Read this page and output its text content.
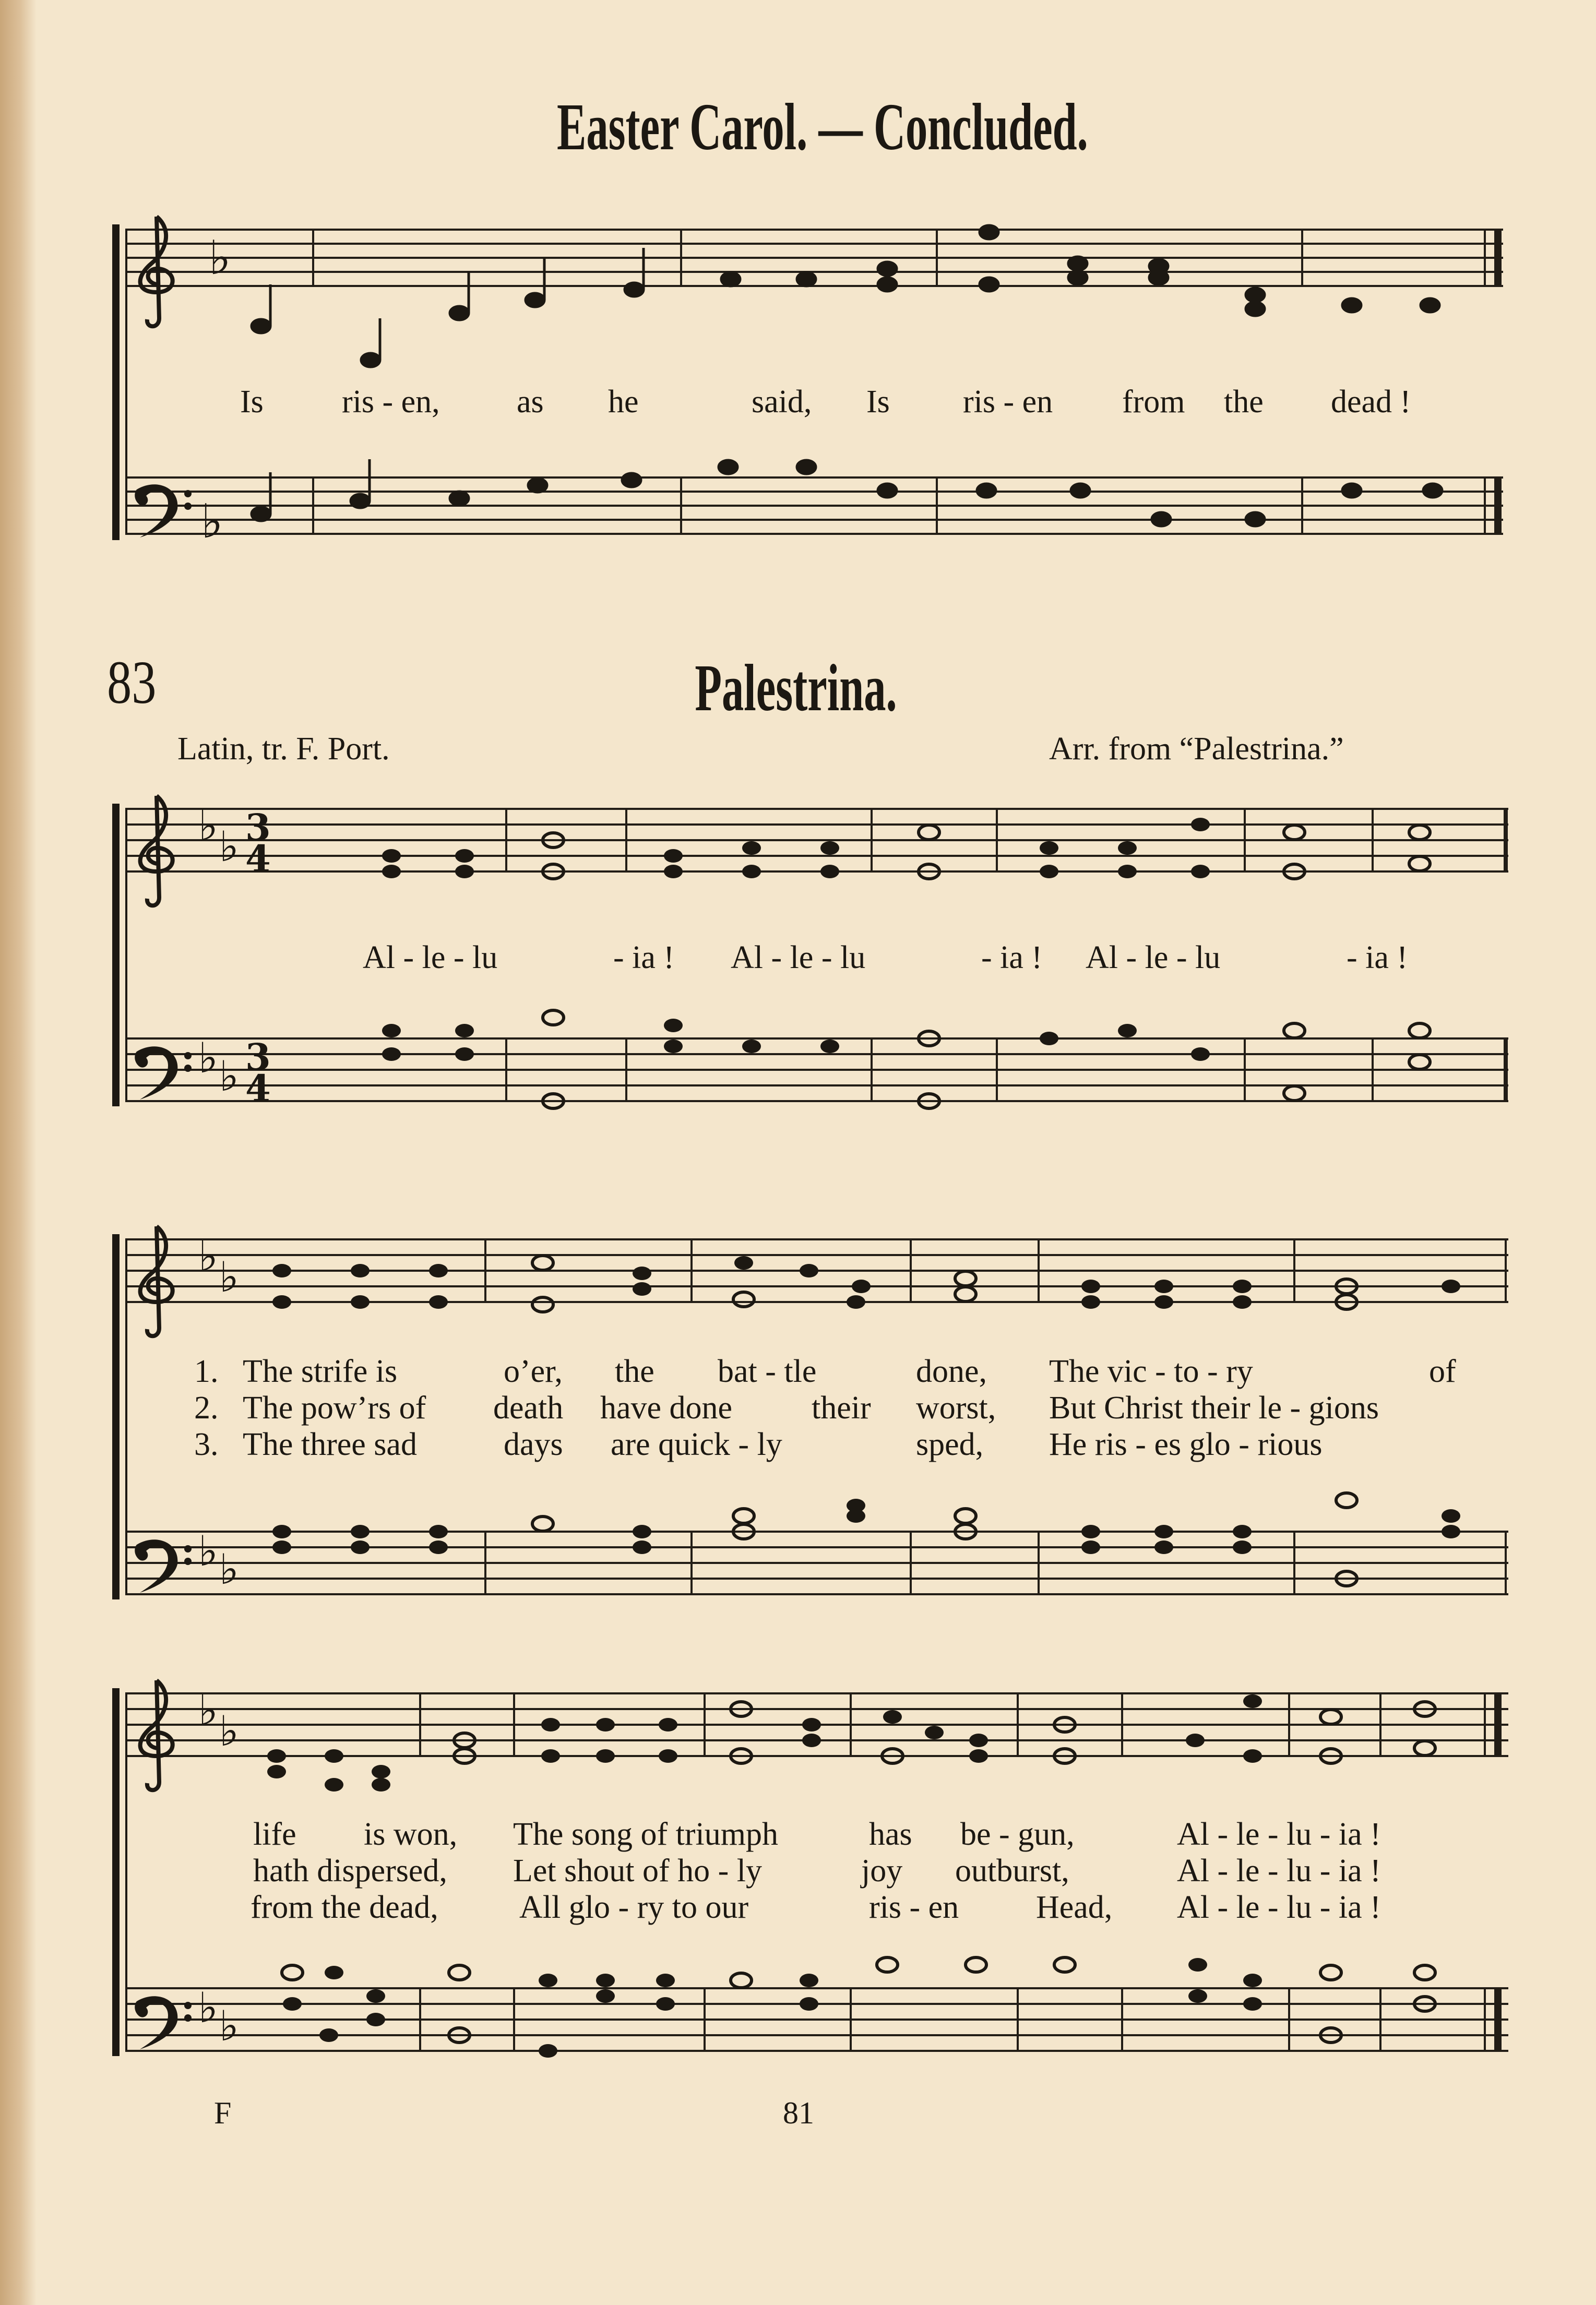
Easter Carol. — Concluded.
♭
♭
Is ris - en, as he	said, Is ris - en from the dead !
83	Palestrina.
Latin, tr. F. Port.	Arr. from “Palestrina.”
♭ ♭
♭ ♭
3
4
3
4
Al - le - lu	- ia ! Al - le - lu	- ia ! Al - le - lu	- ia !
♭ ♭
♭ ♭
1. The strife is	o’er, the bat - tle	done, The vic - to - ry	of
2. The pow’rs of death have done their worst, But Christ their le - gions
3. The three sad	days are quick - ly	sped, He ris - es glo - rious
♭ ♭
♭ ♭
life is won, The song of triumph	has be - gun,	Al - le - lu - ia !
hath dispersed, Let shout of ho - ly	joy outburst,	Al - le - lu - ia !
from the dead,	All glo - ry to our	ris - en Head, Al - le - lu - ia !
F	81
